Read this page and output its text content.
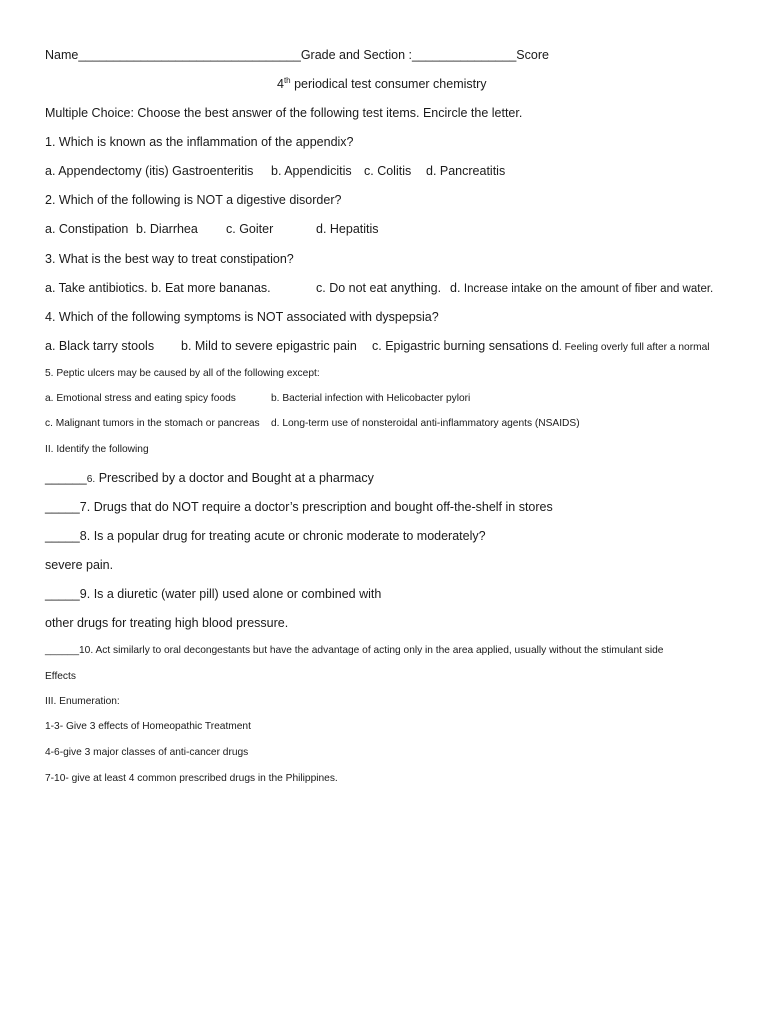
Name________________________________Grade and Section :_______________Score
4th periodical test consumer chemistry
Multiple Choice: Choose the best answer of the following test items. Encircle the letter.
1. Which is known as the inflammation of the appendix?
a. Appendectomy (itis) Gastroenteritis b. Appendicitis c. Colitis d. Pancreatitis
2. Which of the following is NOT a digestive disorder?
a. Constipation b. Diarrhea c. Goiter	d. Hepatitis
3. What is the best way to treat constipation?
a. Take antibiotics. b. Eat more bananas.	c. Do not eat anything. d. Increase intake on the amount of fiber and water.
4. Which of the following symptoms is NOT associated with dyspepsia?
a. Black tarry stools b. Mild to severe epigastric pain c. Epigastric burning sensations d. Feeling overly full after a normal
5. Peptic ulcers may be caused by all of the following except:
a. Emotional stress and eating spicy foods	b. Bacterial infection with Helicobacter pylori
c. Malignant tumors in the stomach or pancreas d. Long-term use of nonsteroidal anti-inflammatory agents (NSAIDS)
II. Identify the following
______6. Prescribed by a doctor and Bought at a pharmacy
_____7. Drugs that do NOT require a doctor’s prescription and bought off-the-shelf in stores
_____8. Is a popular drug for treating acute or chronic moderate to moderately?
severe pain.
_____9. Is a diuretic (water pill) used alone or combined with
other drugs for treating high blood pressure.
______10. Act similarly to oral decongestants but have the advantage of acting only in the area applied, usually without the stimulant side
Effects
III. Enumeration:
1-3- Give 3 effects of Homeopathic Treatment
4-6-give 3 major classes of anti-cancer drugs
7-10- give at least 4 common prescribed drugs in the Philippines.
